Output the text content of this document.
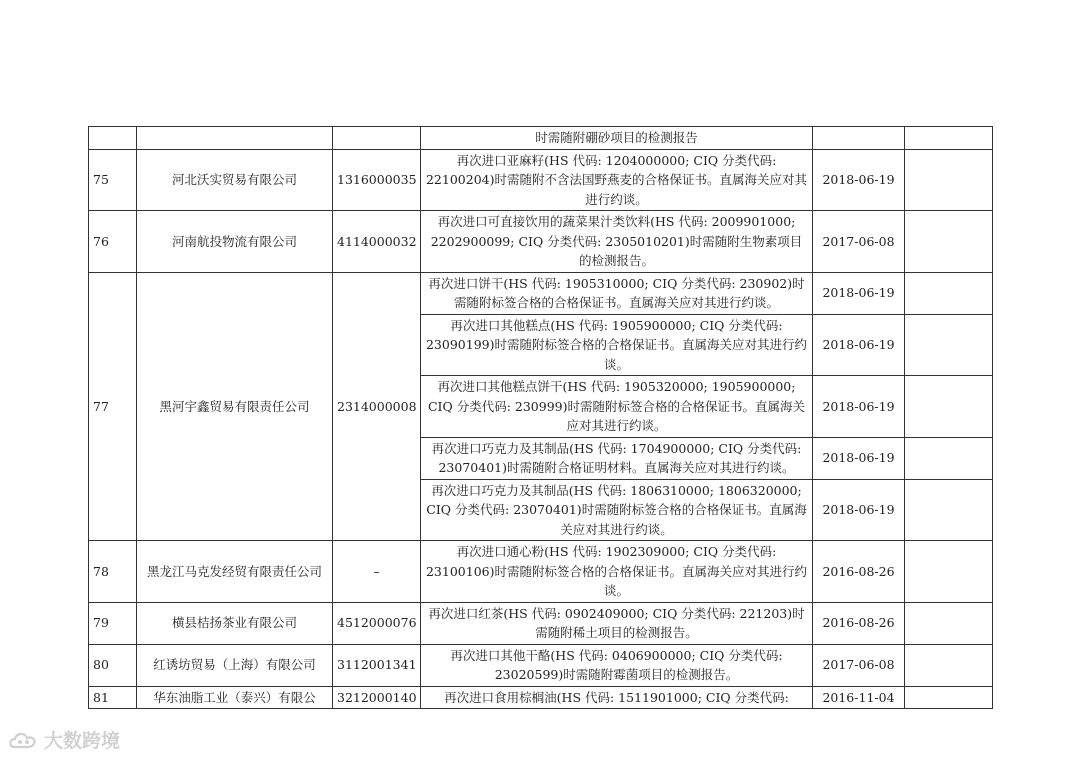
			时需随附硼砂项目的检测报告		
75	河北沃实贸易有限公司	1316000035	再次进口亚麻籽(HS 代码: 1204000000; CIQ 分类代码: 22100204)时需随附不含法国野燕麦的合格保证书。直属海关应对其进行约谈。	2018-06-19	
76	河南航投物流有限公司	4114000032	再次进口可直接饮用的蔬菜果汁类饮料(HS 代码: 2009901000; 2202900099; CIQ 分类代码: 2305010201)时需随附生物素项目的检测报告。	2017-06-08	
77	黑河宇鑫贸易有限责任公司	2314000008	再次进口饼干(HS 代码: 1905310000; CIQ 分类代码: 230902)时需随附标签合格的合格保证书。直属海关应对其进行约谈。	2018-06-19	
			再次进口其他糕点(HS 代码: 1905900000; CIQ 分类代码: 23090199)时需随附标签合格的合格保证书。直属海关应对其进行约谈。	2018-06-19	
			再次进口其他糕点饼干(HS 代码: 1905320000; 1905900000; CIQ 分类代码: 230999)时需随附标签合格的合格保证书。直属海关应对其进行约谈。	2018-06-19	
			再次进口巧克力及其制品(HS 代码: 1704900000; CIQ 分类代码: 23070401)时需随附合格证明材料。直属海关应对其进行约谈。	2018-06-19	
			再次进口巧克力及其制品(HS 代码: 1806310000; 1806320000; CIQ 分类代码: 23070401)时需随附标签合格的合格保证书。直属海关应对其进行约谈。	2018-06-19	
78	黑龙江马克发经贸有限责任公司	–	再次进口通心粉(HS 代码: 1902309000; CIQ 分类代码: 23100106)时需随附标签合格的合格保证书。直属海关应对其进行约谈。	2016-08-26	
79	横县桔扬茶业有限公司	4512000076	再次进口红茶(HS 代码: 0902409000; CIQ 分类代码: 221203)时需随附稀土项目的检测报告。	2016-08-26	
80	红诱坊贸易（上海）有限公司	3112001341	再次进口其他干酪(HS 代码: 0406900000; CIQ 分类代码: 23020599)时需随附霉菌项目的检测报告。	2017-06-08	
81	华东油脂工业（泰兴）有限公	3212000140	再次进口食用棕榈油(HS 代码: 1511901000; CIQ 分类代码:	2016-11-04	
大数跨境
